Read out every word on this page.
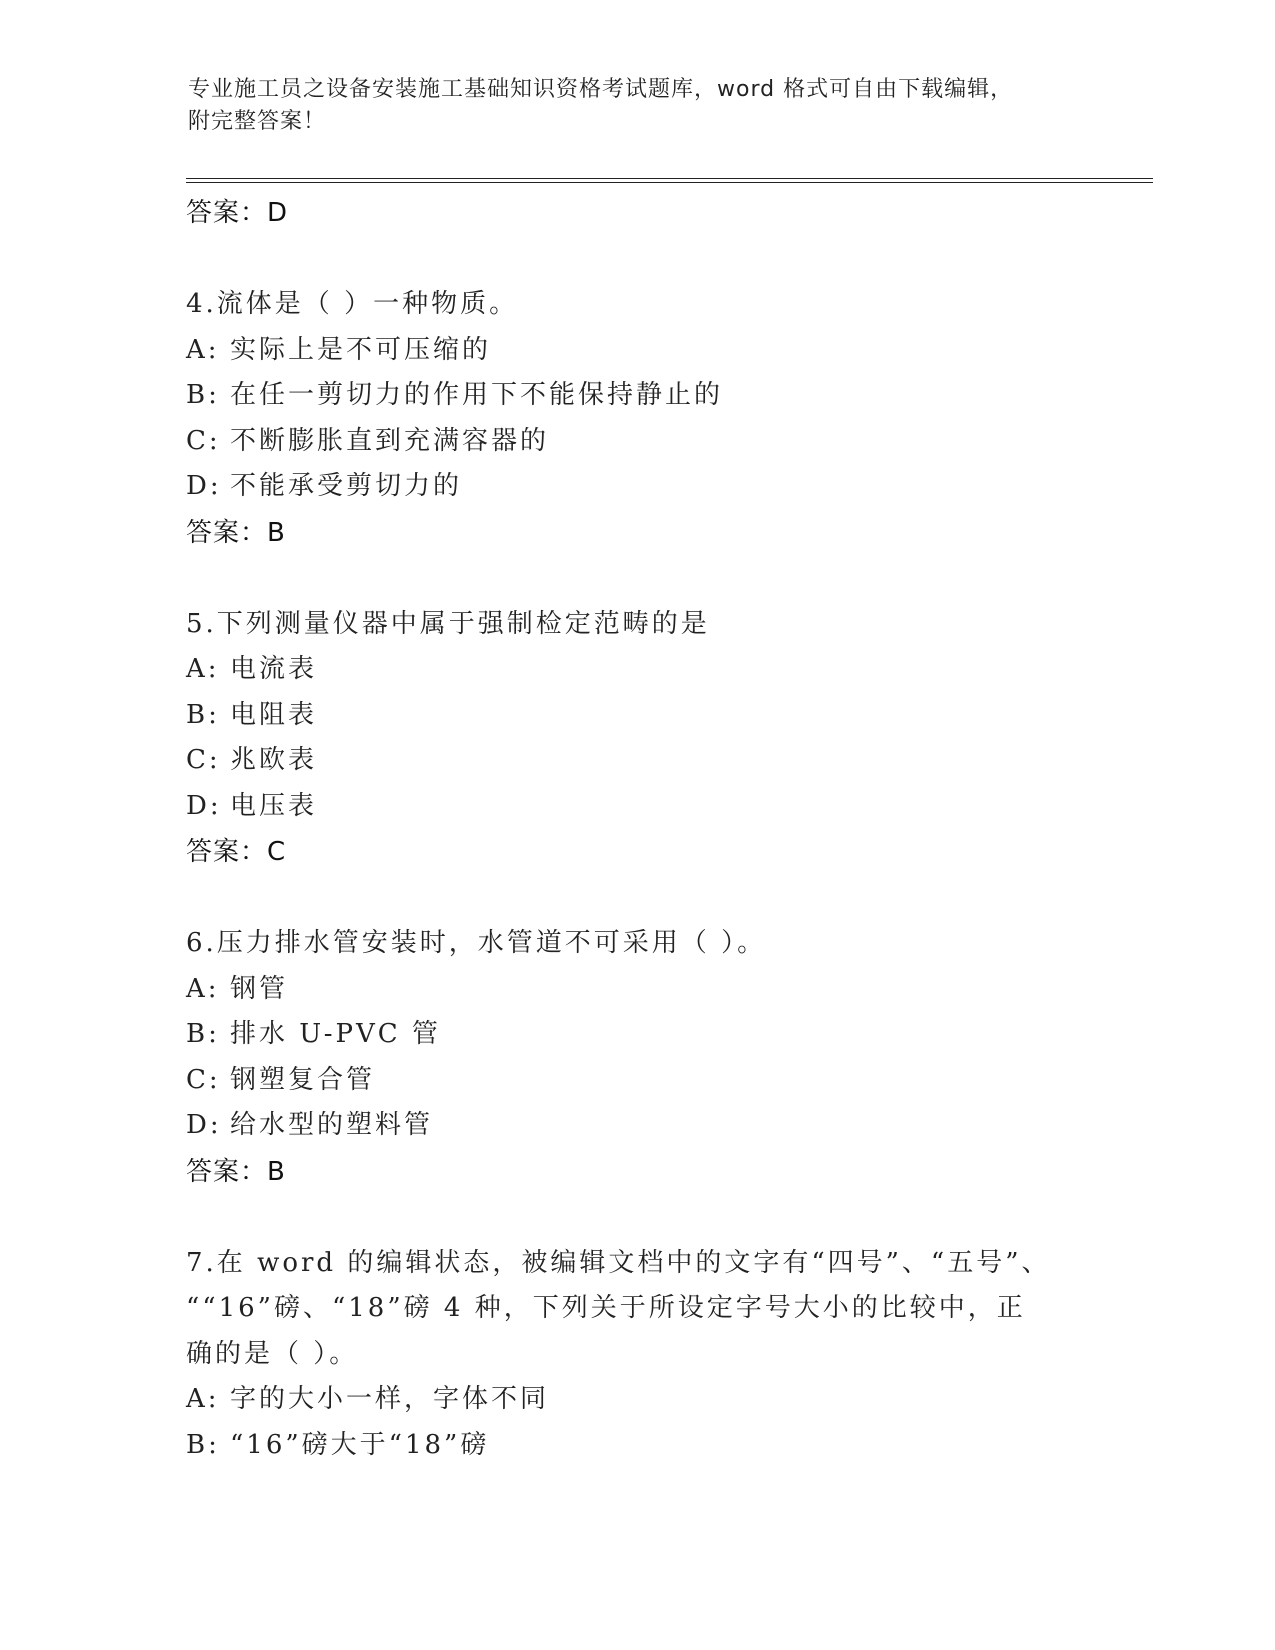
专业施工员之设备安装施工基础知识资格考试题库，word 格式可自由下载编辑，
附完整答案！
答案：D
4.流体是（ ）一种物质。
A: 实际上是不可压缩的
B: 在任一剪切力的作用下不能保持静止的
C: 不断膨胀直到充满容器的
D: 不能承受剪切力的
答案：B
5.下列测量仪器中属于强制检定范畴的是
A: 电流表
B: 电阻表
C: 兆欧表
D: 电压表
答案：C
6.压力排水管安装时，水管道不可采用（ ）。
A: 钢管
B: 排水 U-PVC 管
C: 钢塑复合管
D: 给水型的塑料管
答案：B
7.在 word 的编辑状态，被编辑文档中的文字有“四号”、“五号”、
““16”磅、“18”磅 4 种，下列关于所设定字号大小的比较中，正
确的是（ ）。
A: 字的大小一样，字体不同
B: “16”磅大于“18”磅
